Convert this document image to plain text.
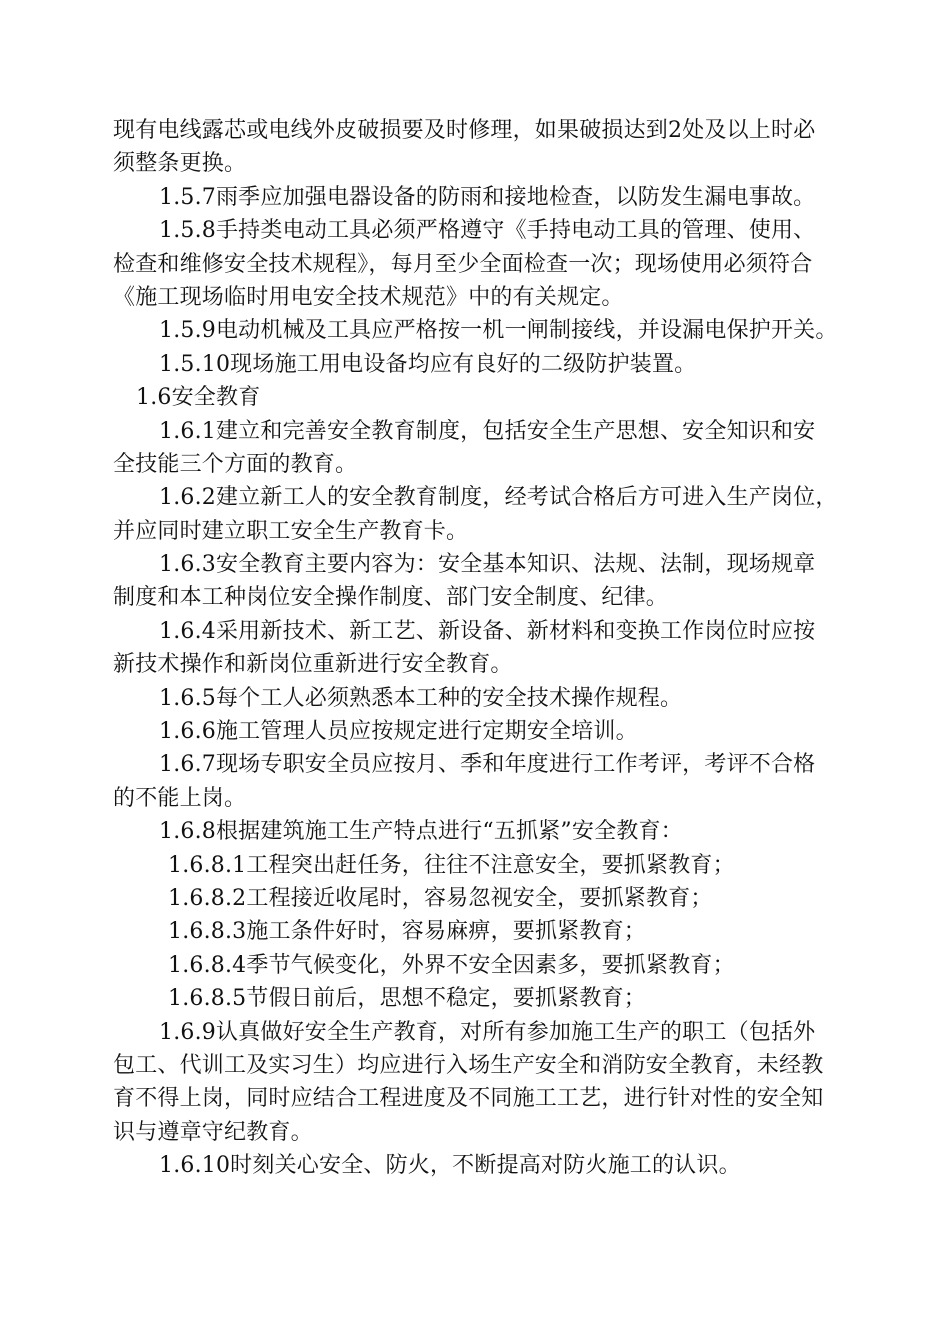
现有电线露芯或电线外皮破损要及时修理，如果破损达到2处及以上时必
须整条更换。
1.5.7雨季应加强电器设备的防雨和接地检查，以防发生漏电事故。
1.5.8手持类电动工具必须严格遵守《手持电动工具的管理、使用、
检查和维修安全技术规程》，每月至少全面检查一次；现场使用必须符合
《施工现场临时用电安全技术规范》中的有关规定。
1.5.9电动机械及工具应严格按一机一闸制接线，并设漏电保护开关。
1.5.10现场施工用电设备均应有良好的二级防护装置。
1.6安全教育
1.6.1建立和完善安全教育制度，包括安全生产思想、安全知识和安
全技能三个方面的教育。
1.6.2建立新工人的安全教育制度，经考试合格后方可进入生产岗位，
并应同时建立职工安全生产教育卡。
1.6.3安全教育主要内容为：安全基本知识、法规、法制，现场规章
制度和本工种岗位安全操作制度、部门安全制度、纪律。
1.6.4采用新技术、新工艺、新设备、新材料和变换工作岗位时应按
新技术操作和新岗位重新进行安全教育。
1.6.5每个工人必须熟悉本工种的安全技术操作规程。
1.6.6施工管理人员应按规定进行定期安全培训。
1.6.7现场专职安全员应按月、季和年度进行工作考评，考评不合格
的不能上岗。
1.6.8根据建筑施工生产特点进行“五抓紧”安全教育：
1.6.8.1工程突出赶任务，往往不注意安全，要抓紧教育；
1.6.8.2工程接近收尾时，容易忽视安全，要抓紧教育；
1.6.8.3施工条件好时，容易麻痹，要抓紧教育；
1.6.8.4季节气候变化，外界不安全因素多，要抓紧教育；
1.6.8.5节假日前后，思想不稳定，要抓紧教育；
1.6.9认真做好安全生产教育，对所有参加施工生产的职工（包括外
包工、代训工及实习生）均应进行入场生产安全和消防安全教育，未经教
育不得上岗，同时应结合工程进度及不同施工工艺，进行针对性的安全知
识与遵章守纪教育。
1.6.10时刻关心安全、防火，不断提高对防火施工的认识。
